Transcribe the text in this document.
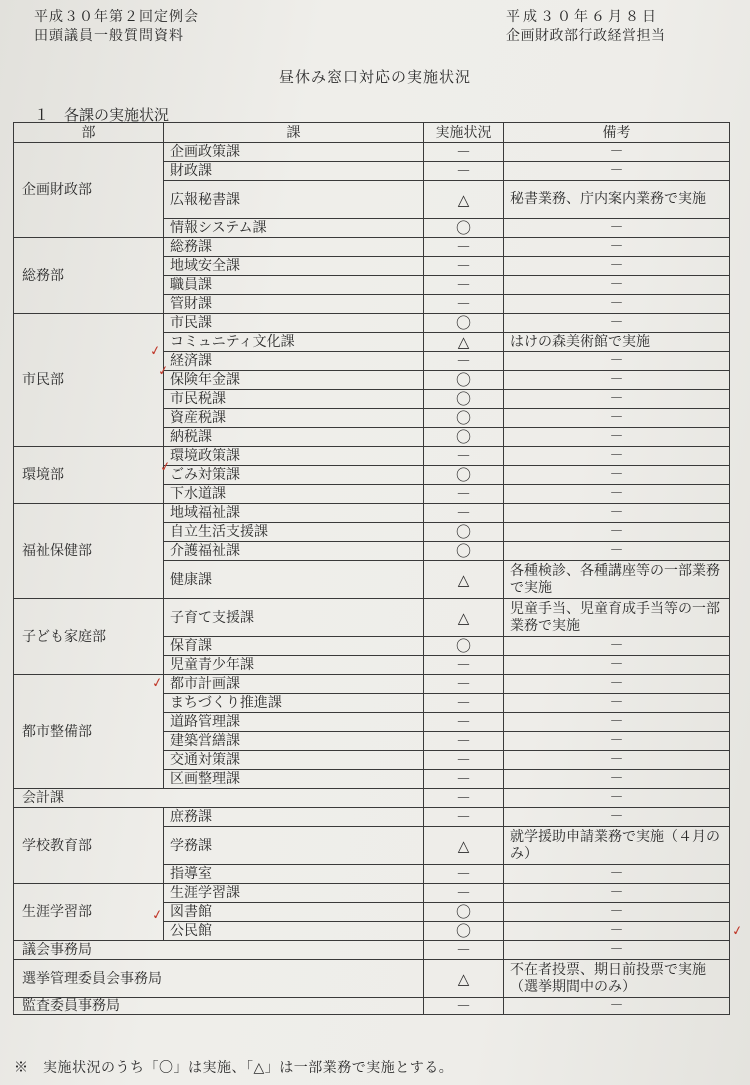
平成３０年第２回定例会
田頭議員一般質問資料
平成３０年６月８日
企画財政部行政経営担当
昼休み窓口対応の実施状況
１　各課の実施状況
部	課	実施状況	備考
企画財政部	企画政策課	－	－
	財政課	－	－
	広報秘書課	△	秘書業務、庁内案内業務で実施
	情報システム課	〇	－
総務部	総務課	－	－
	地域安全課	－	－
	職員課	－	－
	管財課	－	－
市民部	市民課	〇	－
	コミュニティ文化課	△	はけの森美術館で実施
	経済課	－	－
	保険年金課	〇	－
	市民税課	〇	－
	資産税課	〇	－
	納税課	〇	－
環境部	環境政策課	－	－
	ごみ対策課	〇	－
	下水道課	－	－
福祉保健部	地域福祉課	－	－
	自立生活支援課	〇	－
	介護福祉課	〇	－
	健康課	△	各種検診、各種講座等の一部業務で実施
子ども家庭部	子育て支援課	△	児童手当、児童育成手当等の一部業務で実施
	保育課	〇	－
	児童青少年課	－	－
都市整備部	都市計画課	－	－
	まちづくり推進課	－	－
	道路管理課	－	－
	建築営繕課	－	－
	交通対策課	－	－
	区画整理課	－	－
会計課		－	－
学校教育部	庶務課	－	－
	学務課	△	就学援助申請業務で実施（４月のみ）
	指導室	－	－
生涯学習部	生涯学習課	－	－
	図書館	〇	－
	公民館	〇	－
議会事務局		－	－
選挙管理委員会事務局		△	不在者投票、期日前投票で実施（選挙期間中のみ）
監査委員事務局		－	－
※　実施状況のうち「〇」は実施、「△」は一部業務で実施とする。
✓
✓
✓
✓
✓
✓
